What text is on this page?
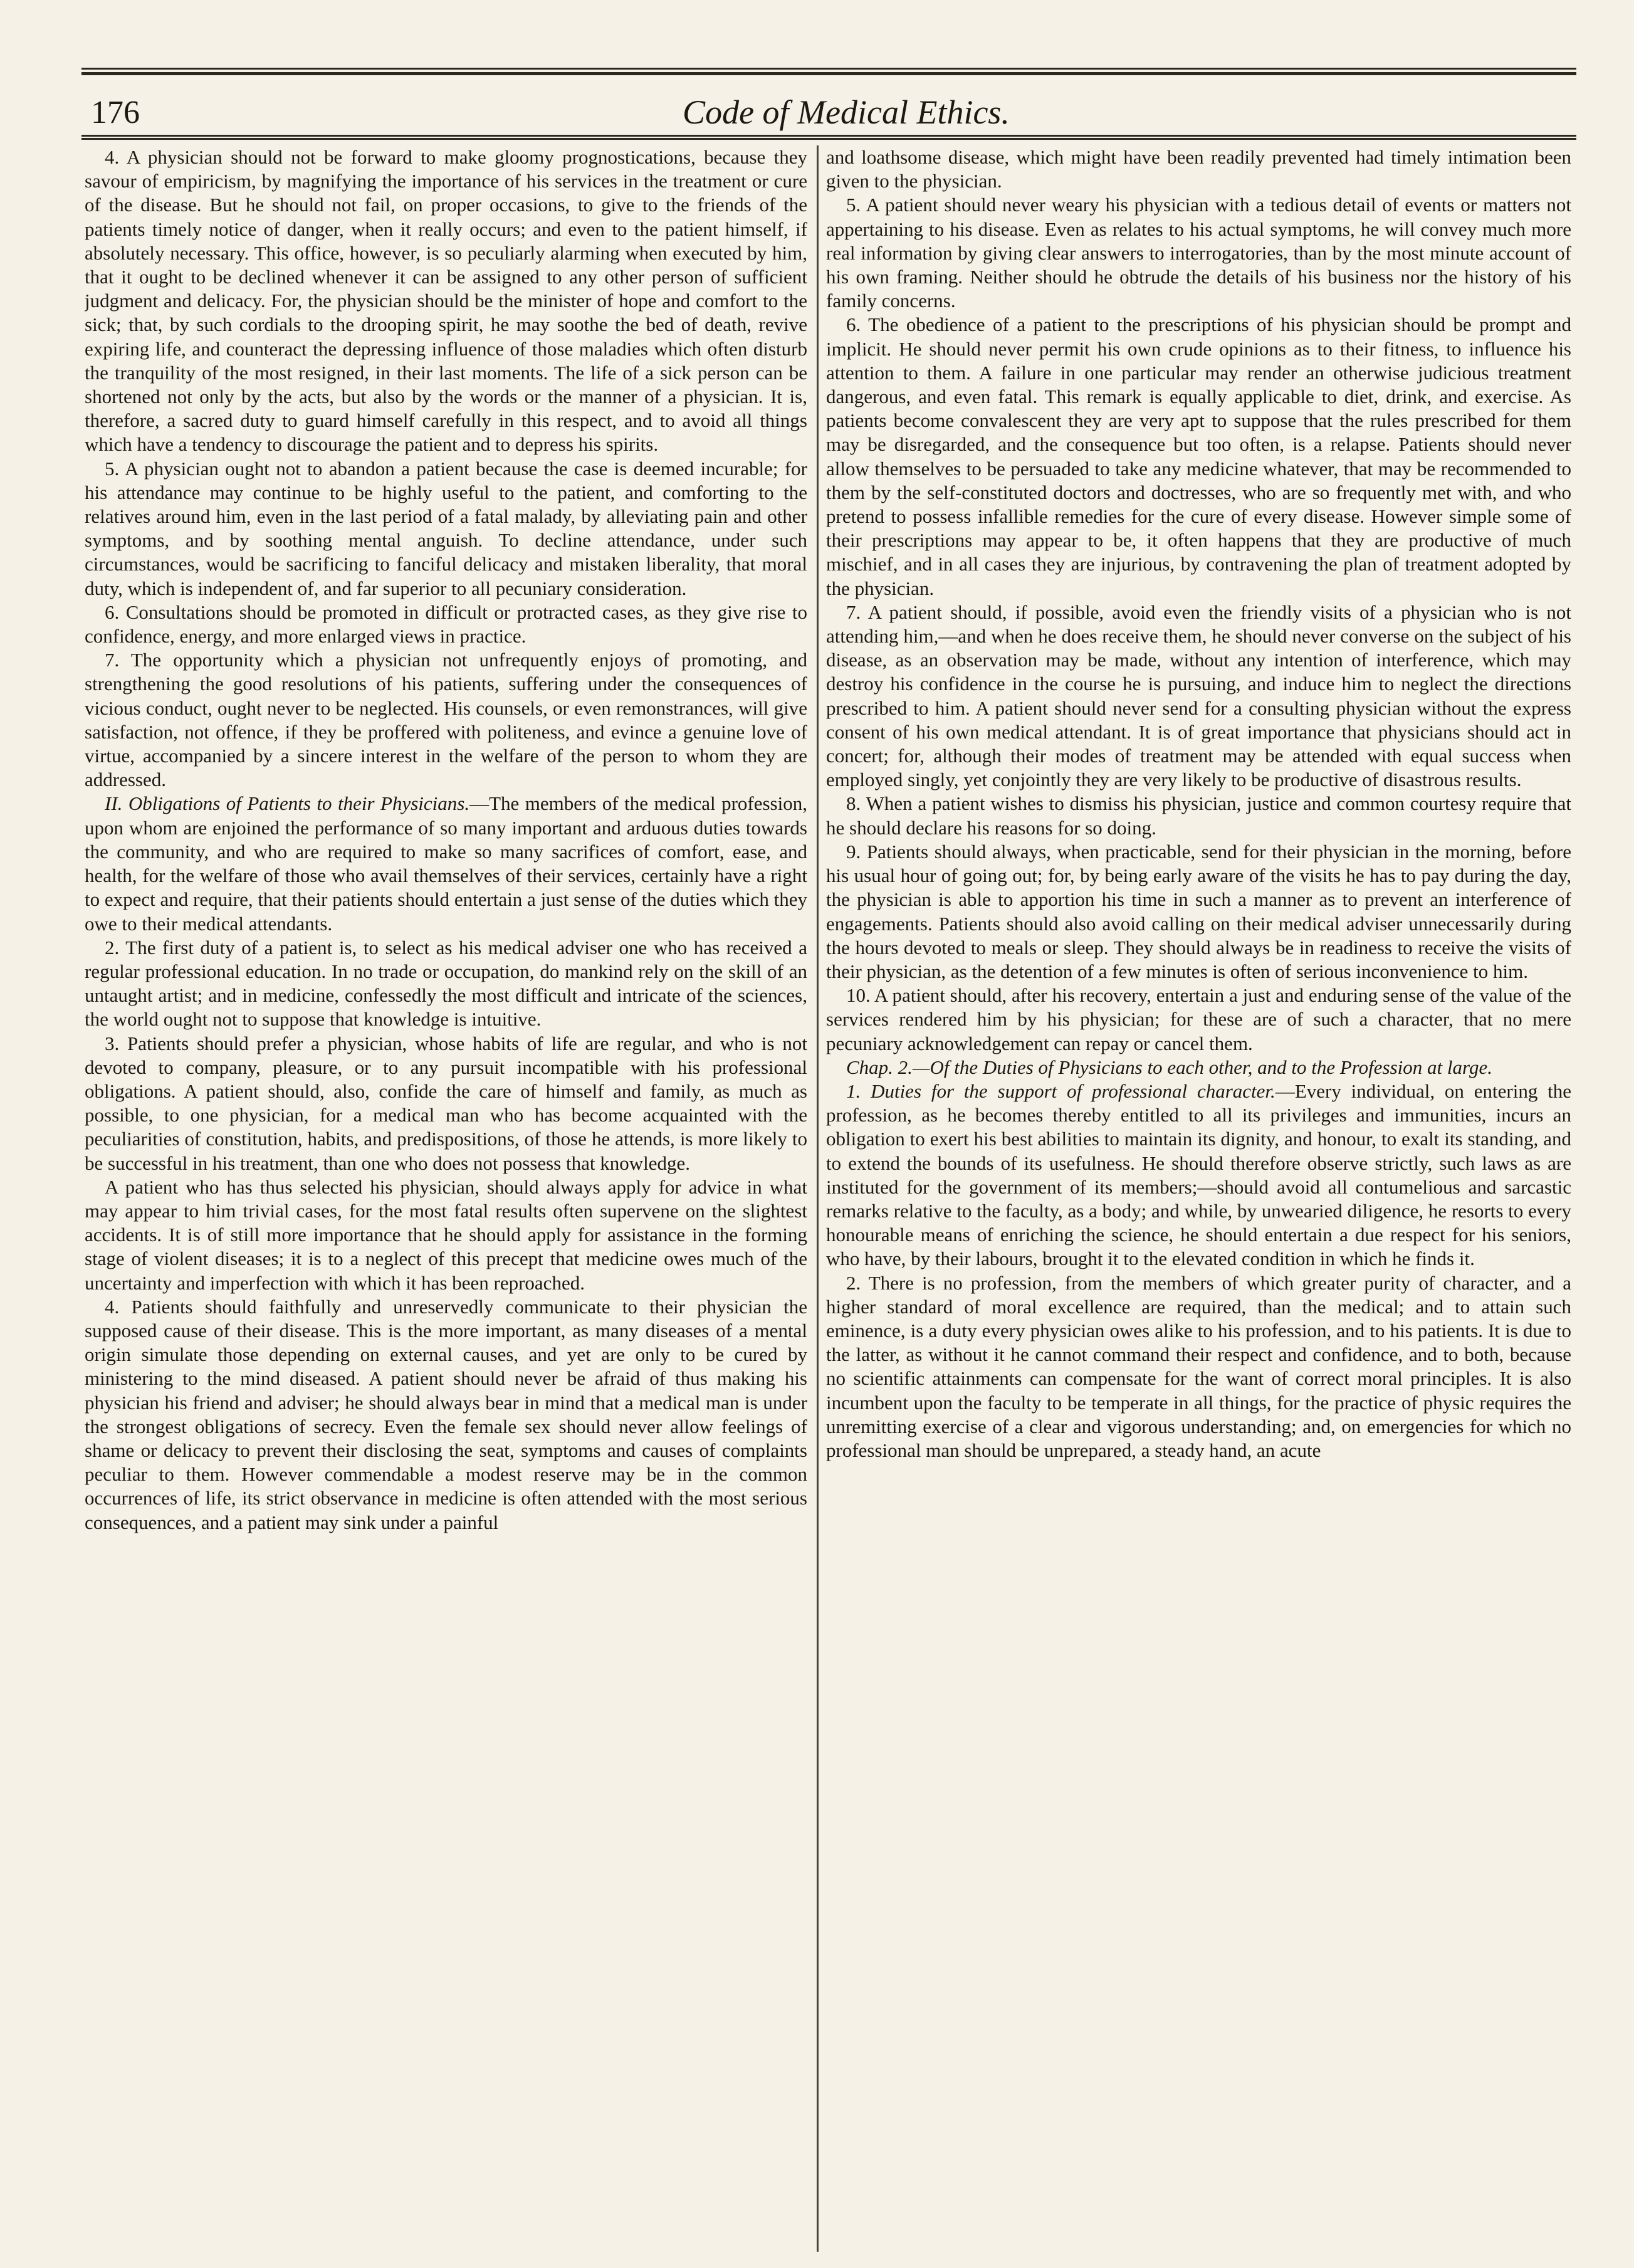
176	Code of Medical Ethics.

4. A physician should not be forward to make gloomy prognostications, because they savour of empiricism, by magnifying the importance of his services in the treatment or cure of the disease. But he should not fail, on proper occasions, to give to the friends of the patients timely notice of danger, when it really occurs; and even to the patient himself, if absolutely necessary. This office, however, is so peculiarly alarming when executed by him, that it ought to be declined whenever it can be assigned to any other person of sufficient judgment and delicacy. For, the physician should be the minister of hope and comfort to the sick; that, by such cordials to the drooping spirit, he may soothe the bed of death, revive expiring life, and counteract the depressing influence of those maladies which often disturb the tranquility of the most resigned, in their last moments. The life of a sick person can be shortened not only by the acts, but also by the words or the manner of a physician. It is, therefore, a sacred duty to guard himself carefully in this respect, and to avoid all things which have a tendency to discourage the patient and to depress his spirits.

5. A physician ought not to abandon a patient because the case is deemed incurable; for his attendance may continue to be highly useful to the patient, and comforting to the relatives around him, even in the last period of a fatal malady, by alleviating pain and other symptoms, and by soothing mental anguish. To decline attendance, under such circumstances, would be sacrificing to fanciful delicacy and mistaken liberality, that moral duty, which is independent of, and far superior to all pecuniary consideration.

6. Consultations should be promoted in difficult or protracted cases, as they give rise to confidence, energy, and more enlarged views in practice.

7. The opportunity which a physician not unfrequently enjoys of promoting, and strengthening the good resolutions of his patients, suffering under the consequences of vicious conduct, ought never to be neglected. His counsels, or even remonstrances, will give satisfaction, not offence, if they be proffered with politeness, and evince a genuine love of virtue, accompanied by a sincere interest in the welfare of the person to whom they are addressed.

II. Obligations of Patients to their Physicians.—The members of the medical profession, upon whom are enjoined the performance of so many important and arduous duties towards the community, and who are required to make so many sacrifices of comfort, ease, and health, for the welfare of those who avail themselves of their services, certainly have a right to expect and require, that their patients should entertain a just sense of the duties which they owe to their medical attendants.

2. The first duty of a patient is, to select as his medical adviser one who has received a regular professional education. In no trade or occupation, do mankind rely on the skill of an untaught artist; and in medicine, confessedly the most difficult and intricate of the sciences, the world ought not to suppose that knowledge is intuitive.

3. Patients should prefer a physician, whose habits of life are regular, and who is not devoted to company, pleasure, or to any pursuit incompatible with his professional obligations. A patient should, also, confide the care of himself and family, as much as possible, to one physician, for a medical man who has become acquainted with the peculiarities of constitution, habits, and predispositions, of those he attends, is more likely to be successful in his treatment, than one who does not possess that knowledge.

A patient who has thus selected his physician, should always apply for advice in what may appear to him trivial cases, for the most fatal results often supervene on the slightest accidents. It is of still more importance that he should apply for assistance in the forming stage of violent diseases; it is to a neglect of this precept that medicine owes much of the uncertainty and imperfection with which it has been reproached.

4. Patients should faithfully and unreservedly communicate to their physician the supposed cause of their disease. This is the more important, as many diseases of a mental origin simulate those depending on external causes, and yet are only to be cured by ministering to the mind diseased. A patient should never be afraid of thus making his physician his friend and adviser; he should always bear in mind that a medical man is under the strongest obligations of secrecy. Even the female sex should never allow feelings of shame or delicacy to prevent their disclosing the seat, symptoms and causes of complaints peculiar to them. However commendable a modest reserve may be in the common occurrences of life, its strict observance in medicine is often attended with the most serious consequences, and a patient may sink under a painful

and loathsome disease, which might have been readily prevented had timely intimation been given to the physician.

5. A patient should never weary his physician with a tedious detail of events or matters not appertaining to his disease. Even as relates to his actual symptoms, he will convey much more real information by giving clear answers to interrogatories, than by the most minute account of his own framing. Neither should he obtrude the details of his business nor the history of his family concerns.

6. The obedience of a patient to the prescriptions of his physician should be prompt and implicit. He should never permit his own crude opinions as to their fitness, to influence his attention to them. A failure in one particular may render an otherwise judicious treatment dangerous, and even fatal. This remark is equally applicable to diet, drink, and exercise. As patients become convalescent they are very apt to suppose that the rules prescribed for them may be disregarded, and the consequence but too often, is a relapse. Patients should never allow themselves to be persuaded to take any medicine whatever, that may be recommended to them by the self-constituted doctors and doctresses, who are so frequently met with, and who pretend to possess infallible remedies for the cure of every disease. However simple some of their prescriptions may appear to be, it often happens that they are productive of much mischief, and in all cases they are injurious, by contravening the plan of treatment adopted by the physician.

7. A patient should, if possible, avoid even the friendly visits of a physician who is not attending him,—and when he does receive them, he should never converse on the subject of his disease, as an observation may be made, without any intention of interference, which may destroy his confidence in the course he is pursuing, and induce him to neglect the directions prescribed to him. A patient should never send for a consulting physician without the express consent of his own medical attendant. It is of great importance that physicians should act in concert; for, although their modes of treatment may be attended with equal success when employed singly, yet conjointly they are very likely to be productive of disastrous results.

8. When a patient wishes to dismiss his physician, justice and common courtesy require that he should declare his reasons for so doing.

9. Patients should always, when practicable, send for their physician in the morning, before his usual hour of going out; for, by being early aware of the visits he has to pay during the day, the physician is able to apportion his time in such a manner as to prevent an interference of engagements. Patients should also avoid calling on their medical adviser unnecessarily during the hours devoted to meals or sleep. They should always be in readiness to receive the visits of their physician, as the detention of a few minutes is often of serious inconvenience to him.

10. A patient should, after his recovery, entertain a just and enduring sense of the value of the services rendered him by his physician; for these are of such a character, that no mere pecuniary acknowledgement can repay or cancel them.

Chap. 2.—Of the Duties of Physicians to each other, and to the Profession at large.

1. Duties for the support of professional character.—Every individual, on entering the profession, as he becomes thereby entitled to all its privileges and immunities, incurs an obligation to exert his best abilities to maintain its dignity, and honour, to exalt its standing, and to extend the bounds of its usefulness. He should therefore observe strictly, such laws as are instituted for the government of its members;—should avoid all contumelious and sarcastic remarks relative to the faculty, as a body; and while, by unwearied diligence, he resorts to every honourable means of enriching the science, he should entertain a due respect for his seniors, who have, by their labours, brought it to the elevated condition in which he finds it.

2. There is no profession, from the members of which greater purity of character, and a higher standard of moral excellence are required, than the medical; and to attain such eminence, is a duty every physician owes alike to his profession, and to his patients. It is due to the latter, as without it he cannot command their respect and confidence, and to both, because no scientific attainments can compensate for the want of correct moral principles. It is also incumbent upon the faculty to be temperate in all things, for the practice of physic requires the unremitting exercise of a clear and vigorous understanding; and, on emergencies for which no professional man should be unprepared, a steady hand, an acute
